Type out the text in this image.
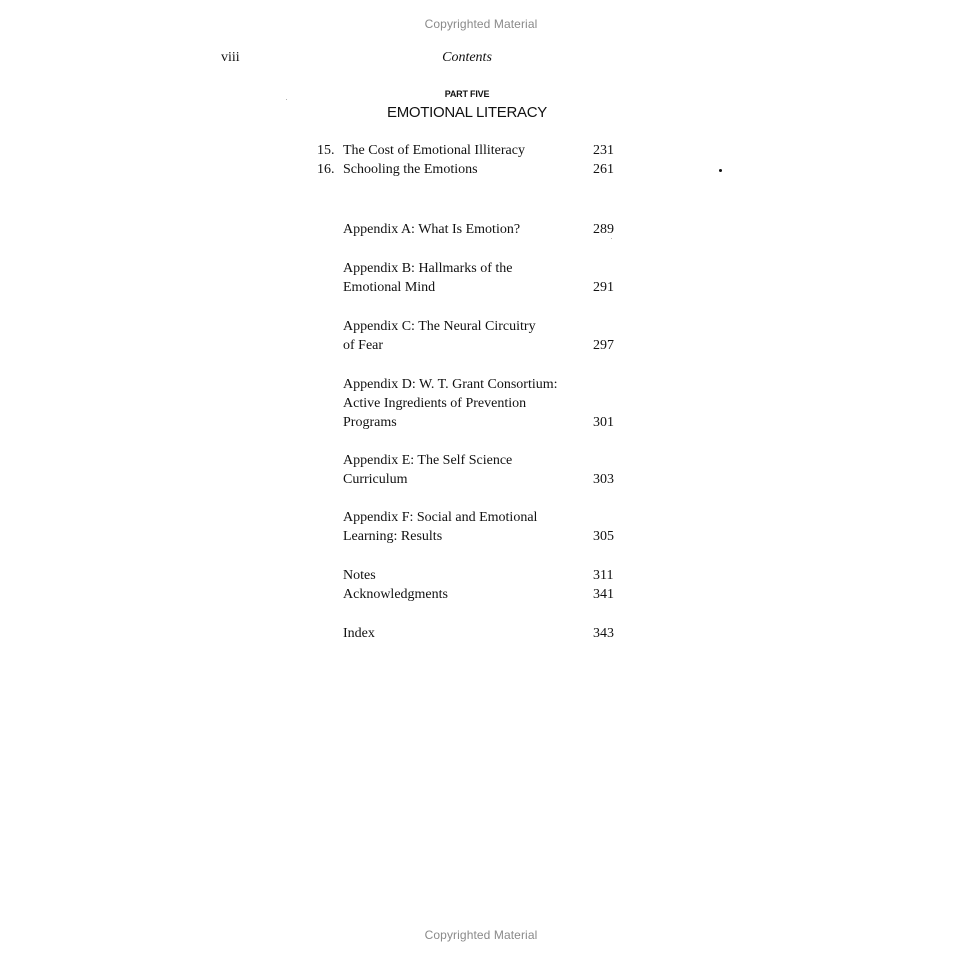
Copyrighted Material
viii	Contents
PART FIVE
EMOTIONAL LITERACY
15. The Cost of Emotional Illiteracy	231
16. Schooling the Emotions	261
Appendix A: What Is Emotion?	289
Appendix B: Hallmarks of the
Emotional Mind	291
Appendix C: The Neural Circuitry
of Fear	297
Appendix D: W. T. Grant Consortium:
Active Ingredients of Prevention
Programs	301
Appendix E: The Self Science
Curriculum	303
Appendix F: Social and Emotional
Learning: Results	305
Notes	311
Acknowledgments	341
Index	343
Copyrighted Material
